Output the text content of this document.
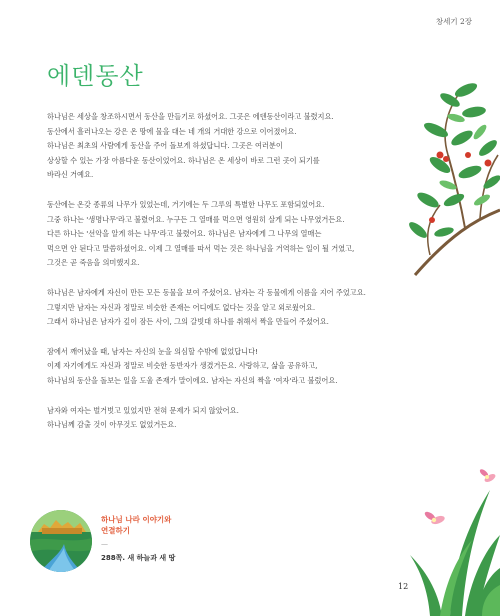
창세기 2장
에덴동산

하나님은 세상을 창조하시면서 동산을 만들기로 하셨어요. 그곳은 에덴동산이라고 불렸지요.
동산에서 흘러나오는 강은 온 땅에 물을 대는 네 개의 거대한 강으로 이어졌어요.
하나님은 최초의 사람에게 동산을 주어 돌보게 하셨답니다. 그곳은 여러분이
상상할 수 있는 가장 아름다운 동산이었어요. 하나님은 온 세상이 바로 그런 곳이 되기를
바라신 거예요.

동산에는 온갖 종류의 나무가 있었는데, 거기에는 두 그루의 특별한 나무도 포함되었어요.
그중 하나는 '생명나무'라고 불렸어요. 누구든 그 열매를 먹으면 영원히 살게 되는 나무였거든요.
다른 하나는 '선악을 알게 하는 나무'라고 불렸어요. 하나님은 남자에게 그 나무의 열매는
먹으면 안 된다고 말씀하셨어요. 이제 그 열매를 따서 먹는 것은 하나님을 거역하는 일이 될 거였고,
그것은 곧 죽음을 의미했지요.

하나님은 남자에게 자신이 만든 모든 동물을 보여 주셨어요. 남자는 각 동물에게 이름을 지어 주었고요.
그렇지만 남자는 자신과 정말로 비슷한 존재는 어디에도 없다는 것을 알고 외로웠어요.
그래서 하나님은 남자가 깊이 잠든 사이, 그의 갈빗대 하나를 취해서 짝을 만들어 주셨어요.

잠에서 깨어났을 때, 남자는 자신의 눈을 의심할 수밖에 없었답니다!
이제 자기에게도 자신과 정말로 비슷한 동반자가 생겼거든요. 사랑하고, 삶을 공유하고,
하나님의 동산을 돌보는 일을 도울 존재가 말이에요. 남자는 자신의 짝을 '여자'라고 불렀어요.

남자와 여자는 벌거벗고 있었지만 전혀 문제가 되지 않았어요.
하나님께 감출 것이 아무것도 없었거든요.

하나님 나라 이야기와
연결하기
—
288쪽. 새 하늘과 새 땅
12
